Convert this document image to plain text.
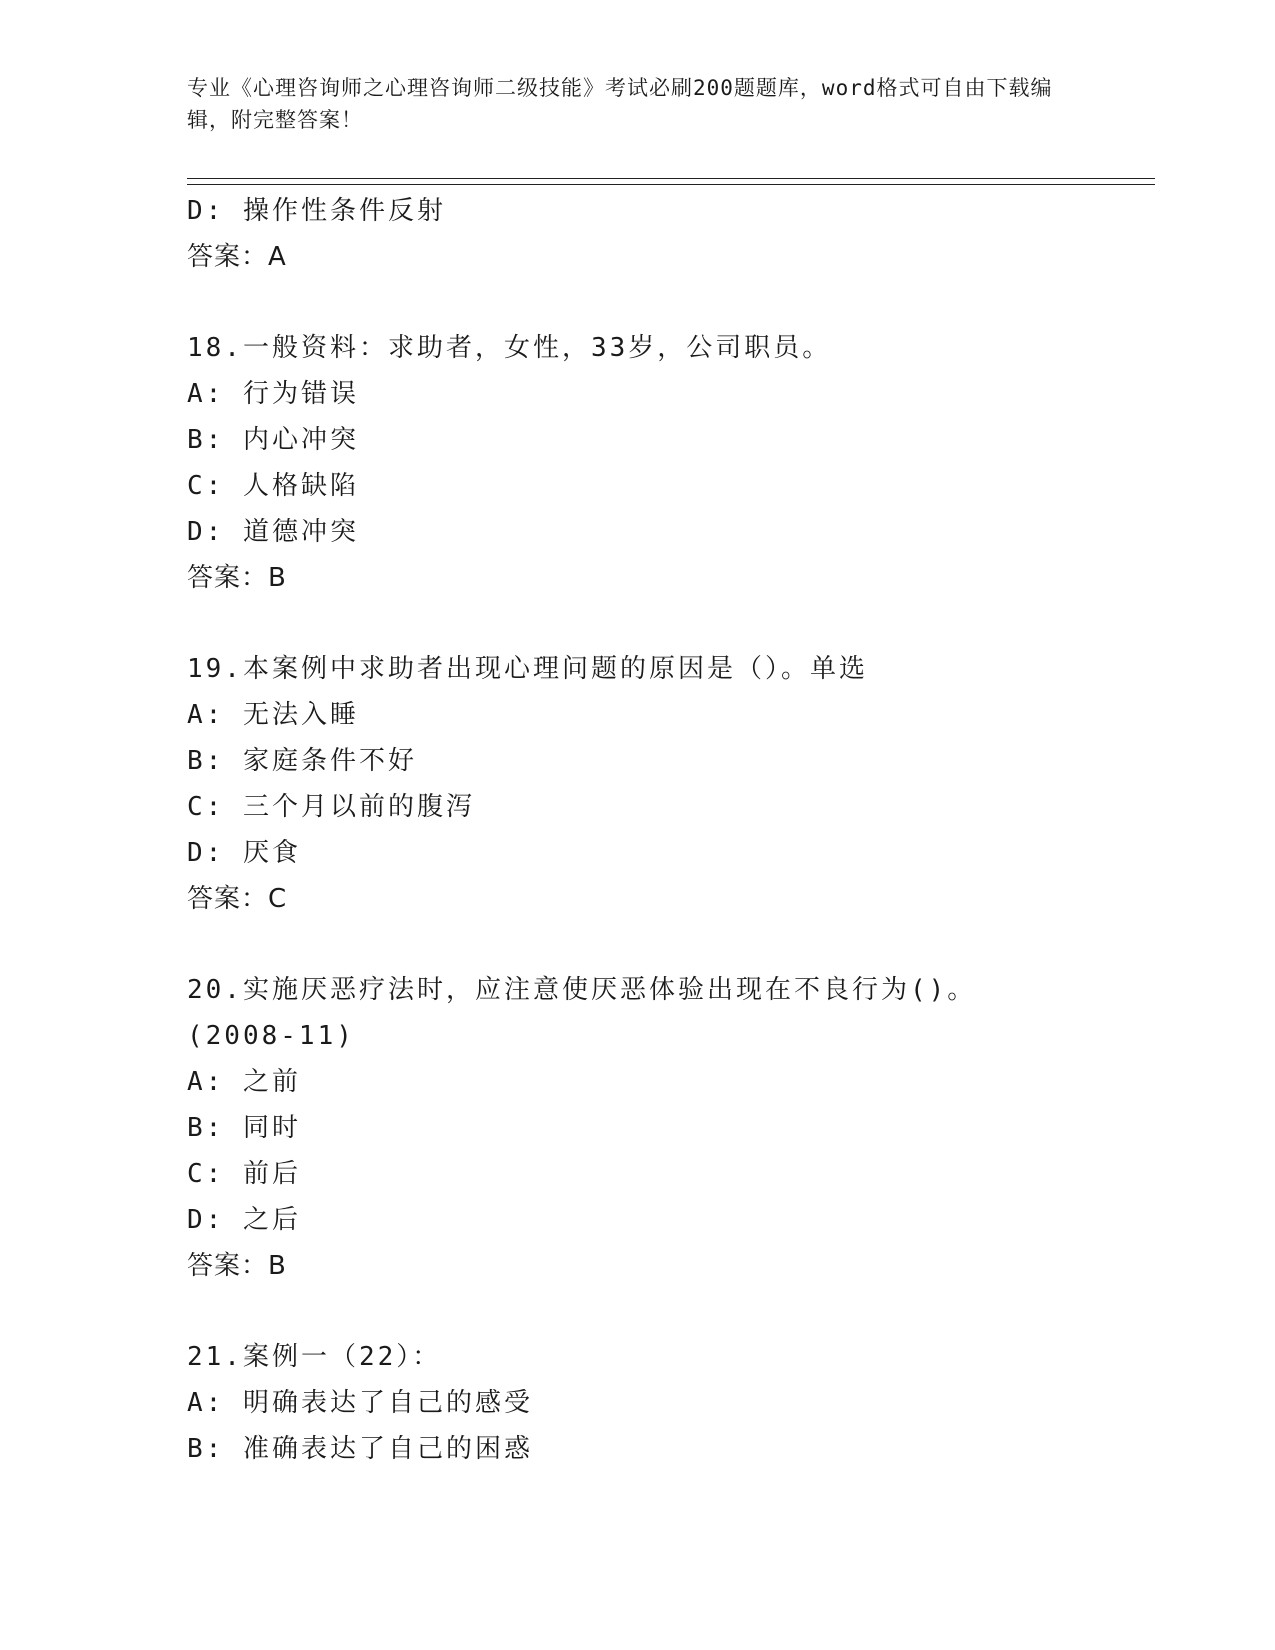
专业《心理咨询师之心理咨询师二级技能》考试必刷200题题库，word格式可自由下载编辑，附完整答案！
D: 操作性条件反射
答案：A
18.一般资料：求助者，女性，33岁，公司职员。
A: 行为错误
B: 内心冲突
C: 人格缺陷
D: 道德冲突
答案：B
19.本案例中求助者出现心理问题的原因是（）。单选
A: 无法入睡
B: 家庭条件不好
C: 三个月以前的腹泻
D: 厌食
答案：C
20.实施厌恶疗法时，应注意使厌恶体验出现在不良行为()。(2008-11)
A: 之前
B: 同时
C: 前后
D: 之后
答案：B
21.案例一（22）：
A: 明确表达了自己的感受
B: 准确表达了自己的困惑
